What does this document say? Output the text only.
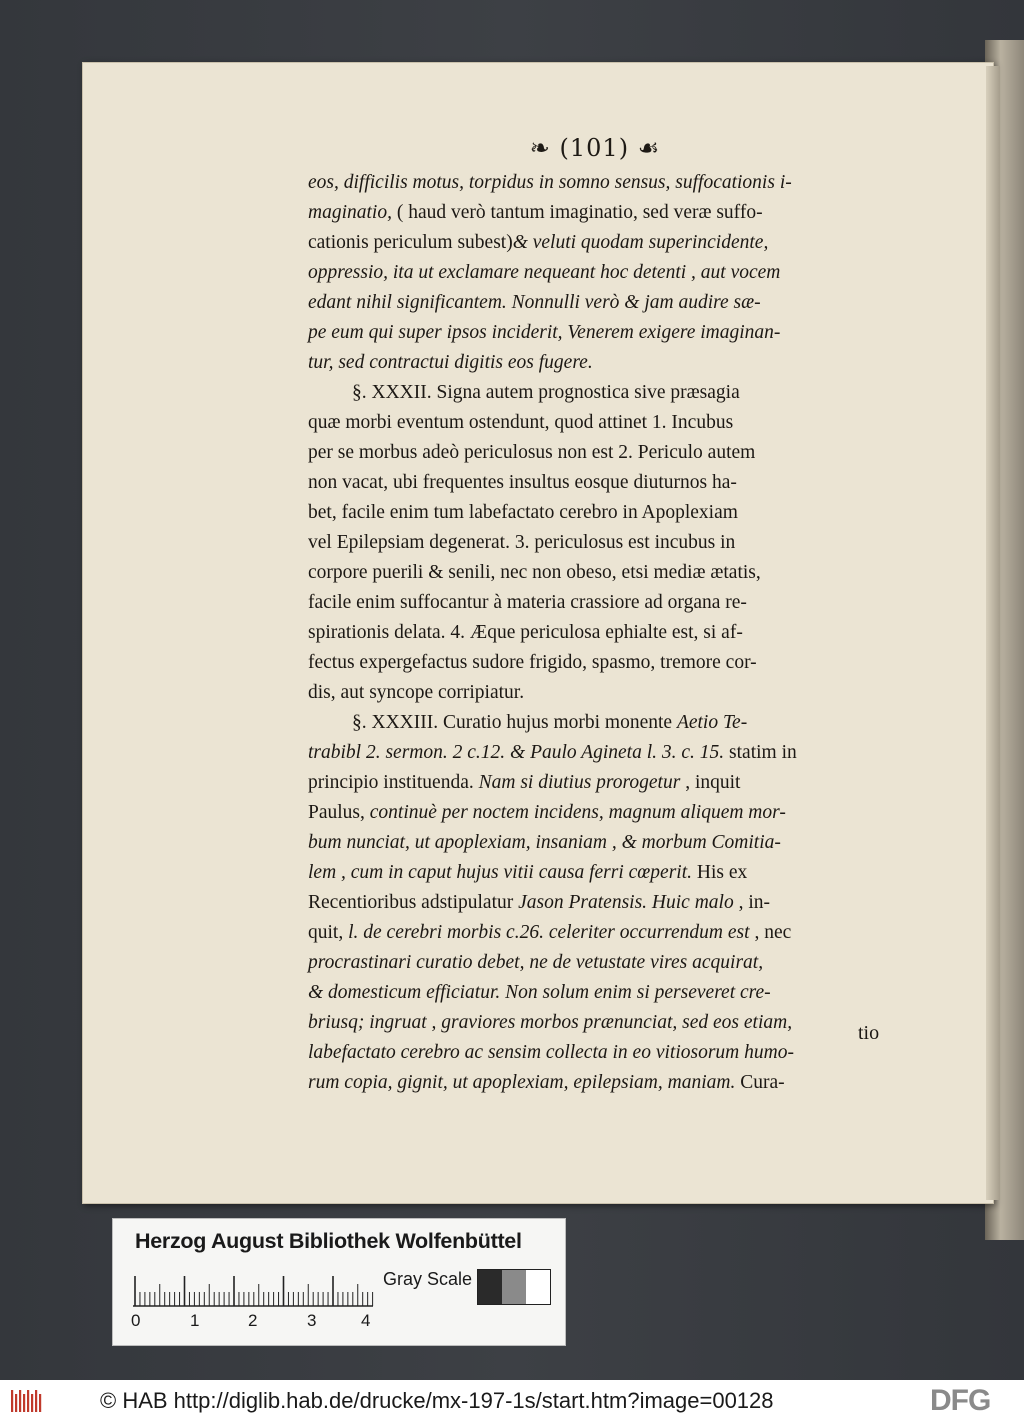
❧ (101) ☙

eos, difficilis motus, torpidus in somno sensus, suffocationis i-

maginatio, ( haud verò tantum imaginatio, sed veræ suffo-

cationis periculum subest)& veluti quodam superincidente,

oppressio, ita ut exclamare nequeant hoc detenti , aut vocem

edant nihil significantem. Nonnulli verò & jam audire sæ-

pe eum qui super ipsos inciderit, Venerem exigere imaginan-

tur, sed contractui digitis eos fugere.

§. XXXII. Signa autem prognostica sive præsagia

quæ morbi eventum ostendunt, quod attinet 1. Incubus

per se morbus adeò periculosus non est 2. Periculo autem

non vacat, ubi frequentes insultus eosque diuturnos ha-

bet, facile enim tum labefactato cerebro in Apoplexiam

vel Epilepsiam degenerat. 3. periculosus est incubus in

corpore puerili & senili, nec non obeso, etsi mediæ ætatis,

facile enim suffocantur à materia crassiore ad organa re-

spirationis delata. 4. Æque periculosa ephialte est, si af-

fectus expergefactus sudore frigido, spasmo, tremore cor-

dis, aut syncope corripiatur.

§. XXXIII. Curatio hujus morbi monente Aetio Te-

trabibl 2. sermon. 2 c.12. & Paulo Agineta l. 3. c. 15. statim in

principio instituenda. Nam si diutius prorogetur , inquit

Paulus, continuè per noctem incidens, magnum aliquem mor-

bum nunciat, ut apoplexiam, insaniam , & morbum Comitia-

lem , cum in caput hujus vitii causa ferri cœperit. His ex

Recentioribus adstipulatur Jason Pratensis. Huic malo , in-

quit, l. de cerebri morbis c.26. celeriter occurrendum est , nec

procrastinari curatio debet, ne de vetustate vires acquirat,

& domesticum efficiatur. Non solum enim si perseveret cre-

briusq; ingruat , graviores morbos prænunciat, sed eos etiam,

labefactato cerebro ac sensim collecta in eo vitiosorum humo-

rum copia, gignit, ut apoplexiam, epilepsiam, maniam. Cura-

tio
Herzog August Bibliothek Wolfenbüttel
0	1	2	3	4
Gray Scale
© HAB http://diglib.hab.de/drucke/mx-197-1s/start.htm?image=00128	DFG
